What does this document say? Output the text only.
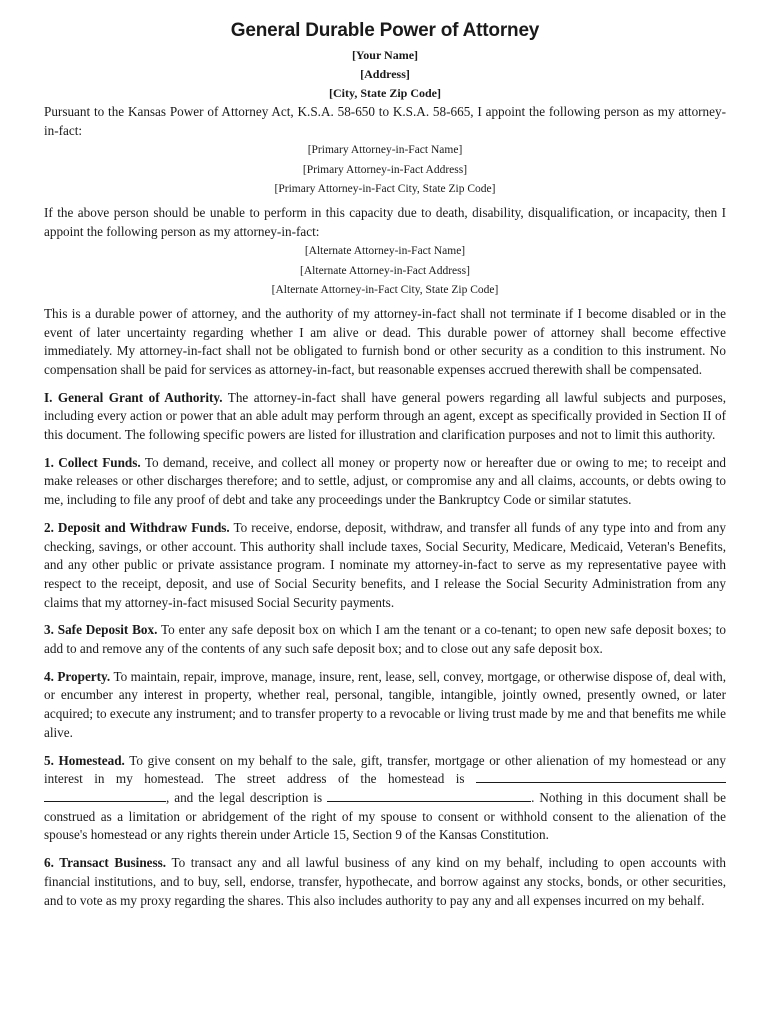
General Durable Power of Attorney

[Your Name]

[Address]

[City, State Zip Code]

Pursuant to the Kansas Power of Attorney Act, K.S.A. 58-650 to K.S.A. 58-665, I appoint the following person as my attorney-in-fact:

[Primary Attorney-in-Fact Name]

[Primary Attorney-in-Fact Address]

[Primary Attorney-in-Fact City, State Zip Code]

If the above person should be unable to perform in this capacity due to death, disability, disqualification, or incapacity, then I appoint the following person as my attorney-in-fact:

[Alternate Attorney-in-Fact Name]

[Alternate Attorney-in-Fact Address]

[Alternate Attorney-in-Fact City, State Zip Code]

This is a durable power of attorney, and the authority of my attorney-in-fact shall not terminate if I become disabled or in the event of later uncertainty regarding whether I am alive or dead. This durable power of attorney shall become effective immediately. My attorney-in-fact shall not be obligated to furnish bond or other security as a condition to this instrument. No compensation shall be paid for services as attorney-in-fact, but reasonable expenses accrued therewith shall be compensated.

I. General Grant of Authority. The attorney-in-fact shall have general powers regarding all lawful subjects and purposes, including every action or power that an able adult may perform through an agent, except as specifically provided in Section II of this document. The following specific powers are listed for illustration and clarification purposes and not to limit this authority.

1. Collect Funds. To demand, receive, and collect all money or property now or hereafter due or owing to me; to receipt and make releases or other discharges therefore; and to settle, adjust, or compromise any and all claims, accounts, or debts owing to me, including to file any proof of debt and take any proceedings under the Bankruptcy Code or similar statutes.

2. Deposit and Withdraw Funds. To receive, endorse, deposit, withdraw, and transfer all funds of any type into and from any checking, savings, or other account. This authority shall include taxes, Social Security, Medicare, Medicaid, Veteran's Benefits, and any other public or private assistance program. I nominate my attorney-in-fact to serve as my representative payee with respect to the receipt, deposit, and use of Social Security benefits, and I release the Social Security Administration from any claims that my attorney-in-fact misused Social Security payments.

3. Safe Deposit Box. To enter any safe deposit box on which I am the tenant or a co-tenant; to open new safe deposit boxes; to add to and remove any of the contents of any such safe deposit box; and to close out any safe deposit box.

4. Property. To maintain, repair, improve, manage, insure, rent, lease, sell, convey, mortgage, or otherwise dispose of, deal with, or encumber any interest in property, whether real, personal, tangible, intangible, jointly owned, presently owned, or later acquired; to execute any instrument; and to transfer property to a revocable or living trust made by me and that benefits me while alive.

5. Homestead. To give consent on my behalf to the sale, gift, transfer, mortgage or other alienation of my homestead or any interest in my homestead. The street address of the homestead is  , and the legal description is	. Nothing in this document shall be construed as a limitation or abridgement of the right of my spouse to consent or withhold consent to the alienation of the spouse's homestead or any rights therein under Article 15, Section 9 of the Kansas Constitution.

6. Transact Business. To transact any and all lawful business of any kind on my behalf, including to open accounts with financial institutions, and to buy, sell, endorse, transfer, hypothecate, and borrow against any stocks, bonds, or other securities, and to vote as my proxy regarding the shares. This also includes authority to pay any and all expenses incurred on my behalf.
